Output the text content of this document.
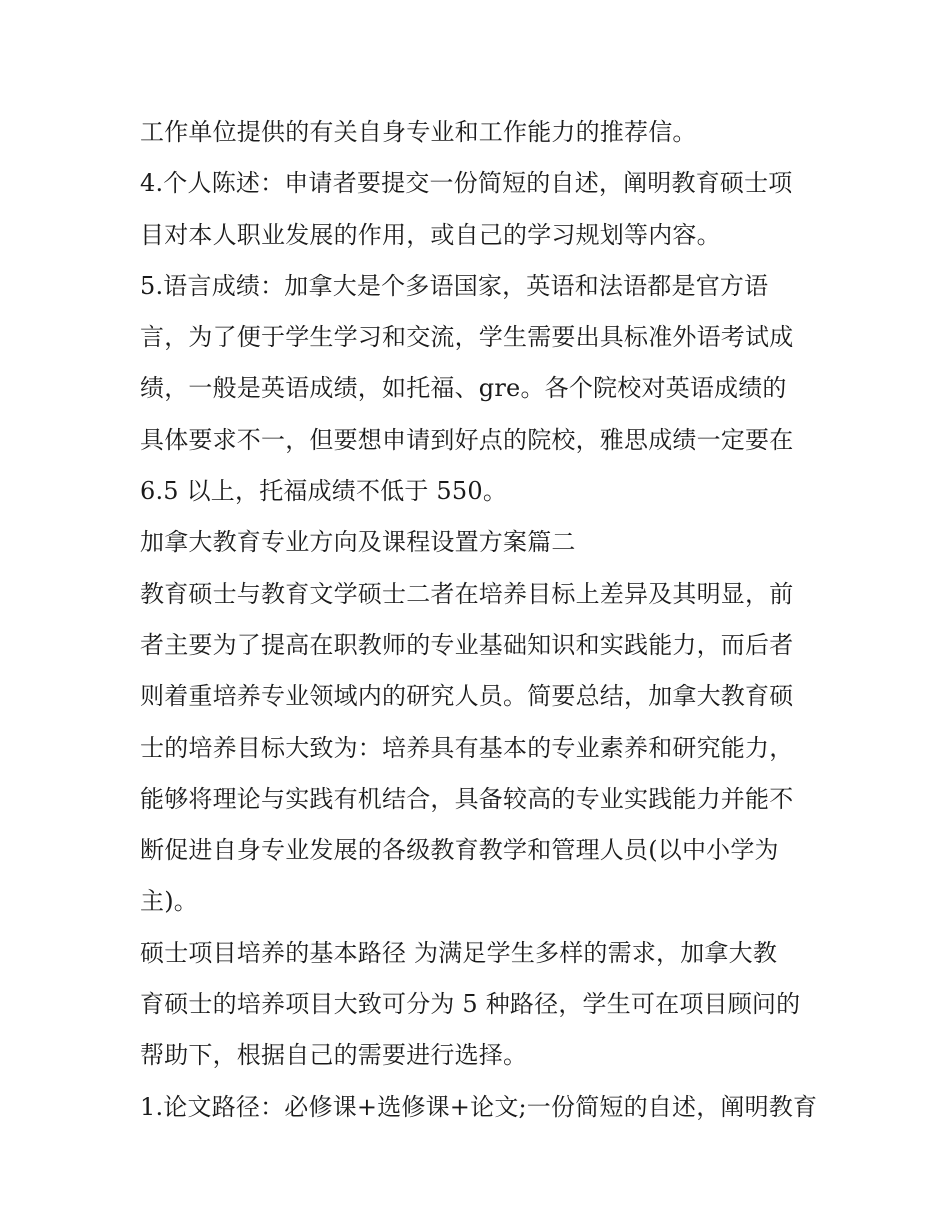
工作单位提供的有关自身专业和工作能力的推荐信。
4.个人陈述：申请者要提交一份简短的自述，阐明教育硕士项
目对本人职业发展的作用，或自己的学习规划等内容。
5.语言成绩：加拿大是个多语国家，英语和法语都是官方语
言，为了便于学生学习和交流，学生需要出具标准外语考试成
绩，一般是英语成绩，如托福、gre。各个院校对英语成绩的
具体要求不一，但要想申请到好点的院校，雅思成绩一定要在
6.5 以上，托福成绩不低于 550。
加拿大教育专业方向及课程设置方案篇二
教育硕士与教育文学硕士二者在培养目标上差异及其明显，前
者主要为了提高在职教师的专业基础知识和实践能力，而后者
则着重培养专业领域内的研究人员。简要总结，加拿大教育硕
士的培养目标大致为：培养具有基本的专业素养和研究能力，
能够将理论与实践有机结合，具备较高的专业实践能力并能不
断促进自身专业发展的各级教育教学和管理人员(以中小学为
主)。
硕士项目培养的基本路径 为满足学生多样的需求，加拿大教
育硕士的培养项目大致可分为 5 种路径，学生可在项目顾问的
帮助下，根据自己的需要进行选择。
1.论文路径：必修课+选修课+论文;一份简短的自述，阐明教育
